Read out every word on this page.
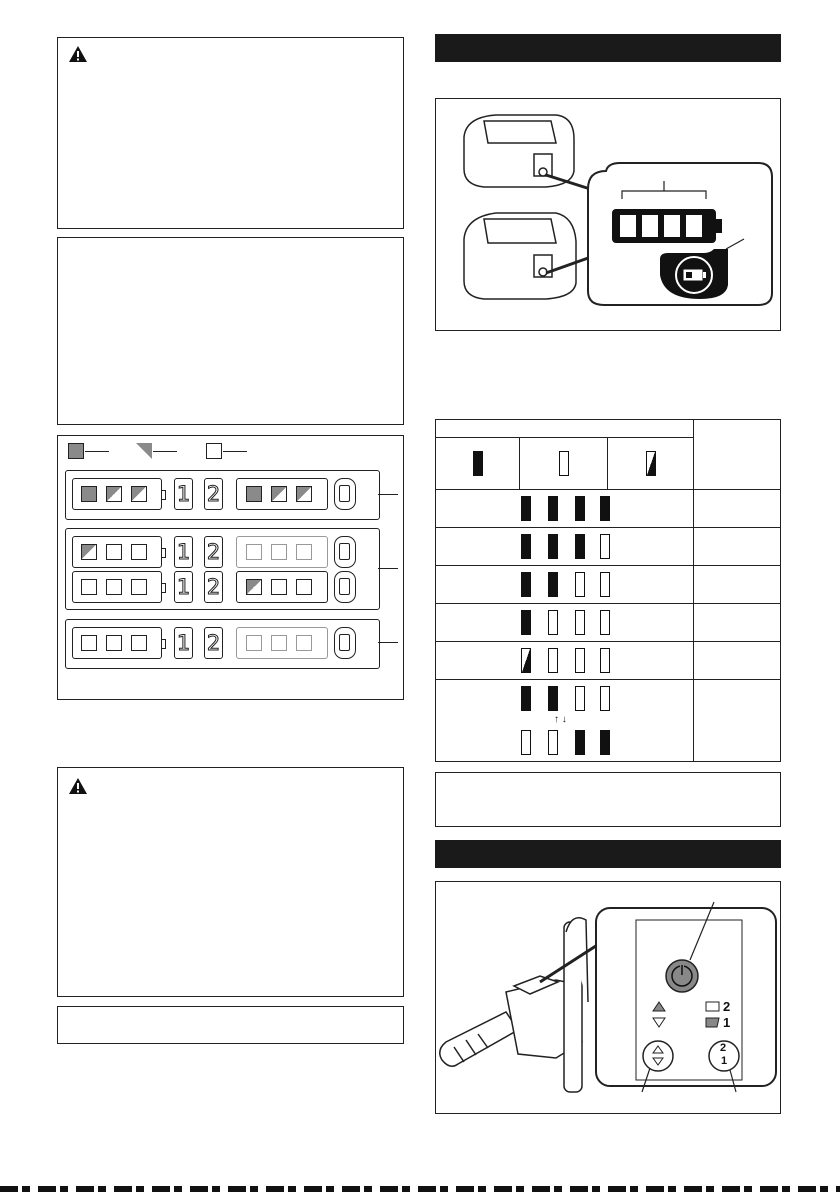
1 2
1 2
1 2
1 2

↑ ↓			

2
1
2
1
